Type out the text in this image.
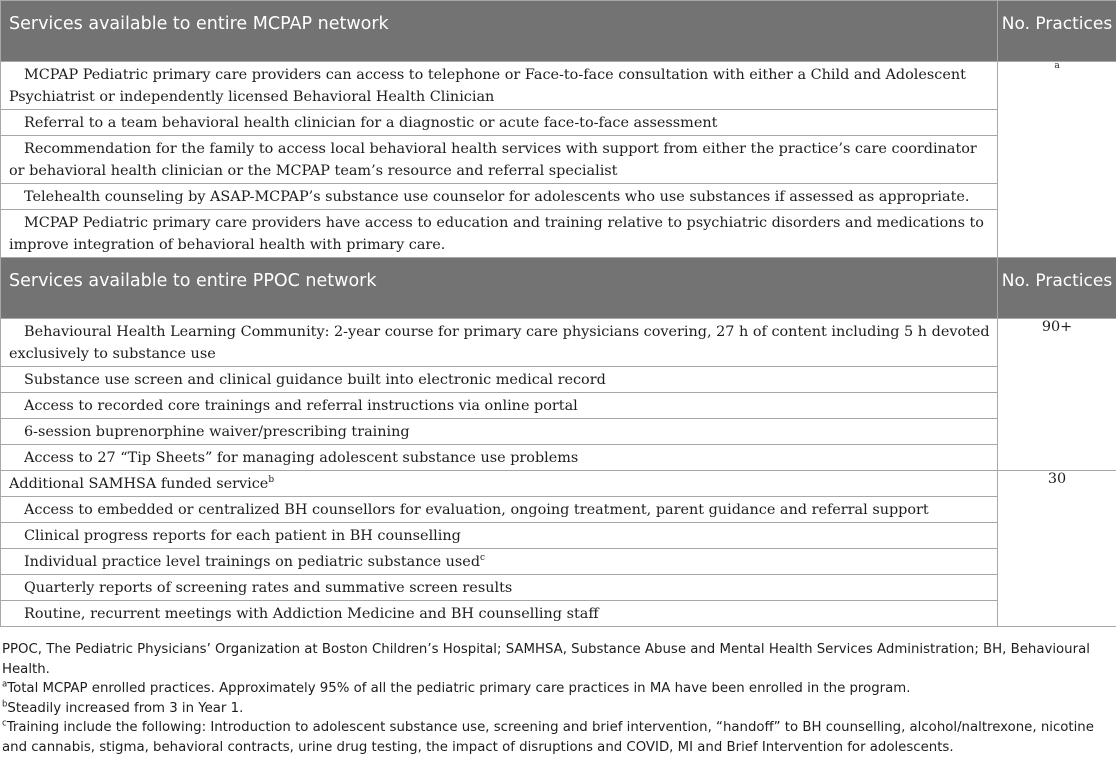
Services available to entire MCPAP network	No. Practices

MCPAP Pediatric primary care providers can access to telephone or Face-to-face consultation with either a Child and Adolescent Psychiatrist or independently licensed Behavioral Health Clinician	$^a$

Referral to a team behavioral health clinician for a diagnostic or acute face-to-face assessment	

Recommendation for the family to access local behavioral health services with support from either the practice’s care coordinator or behavioral health clinician or the MCPAP team’s resource and referral specialist	

Telehealth counseling by ASAP-MCPAP’s substance use counselor for adolescents who use substances if assessed as appropriate.	

MCPAP Pediatric primary care providers have access to education and training relative to psychiatric disorders and medications to improve integration of behavioral health with primary care.	

Services available to entire PPOC network	No. Practices

Behavioural Health Learning Community: 2-year course for primary care physicians covering, 27 h of content including 5 h devoted exclusively to substance use	90+

Substance use screen and clinical guidance built into electronic medical record	

Access to recorded core trainings and referral instructions via online portal	

6-session buprenorphine waiver/prescribing training	

Access to 27 “Tip Sheets” for managing adolescent substance use problems	

Additional SAMHSA funded service$^b$	30

Access to embedded or centralized BH counsellors for evaluation, ongoing treatment, parent guidance and referral support	

Clinical progress reports for each patient in BH counselling	

Individual practice level trainings on pediatric substance used$^c$

Quarterly reports of screening rates and summative screen results	

Routine, recurrent meetings with Addiction Medicine and BH counselling staff	

PPOC, The Pediatric Physicians’ Organization at Boston Children’s Hospital; SAMHSA, Substance Abuse and Mental Health Services Administration; BH, Behavioural Health.

$^a$Total MCPAP enrolled practices. Approximately 95% of all the pediatric primary care practices in MA have been enrolled in the program.

$^b$Steadily increased from 3 in Year 1.

$^c$Training include the following: Introduction to adolescent substance use, screening and brief intervention, “handoff” to BH counselling, alcohol/naltrexone, nicotine and cannabis, stigma, behavioral contracts, urine drug testing, the impact of disruptions and COVID, MI and Brief Intervention for adolescents.
